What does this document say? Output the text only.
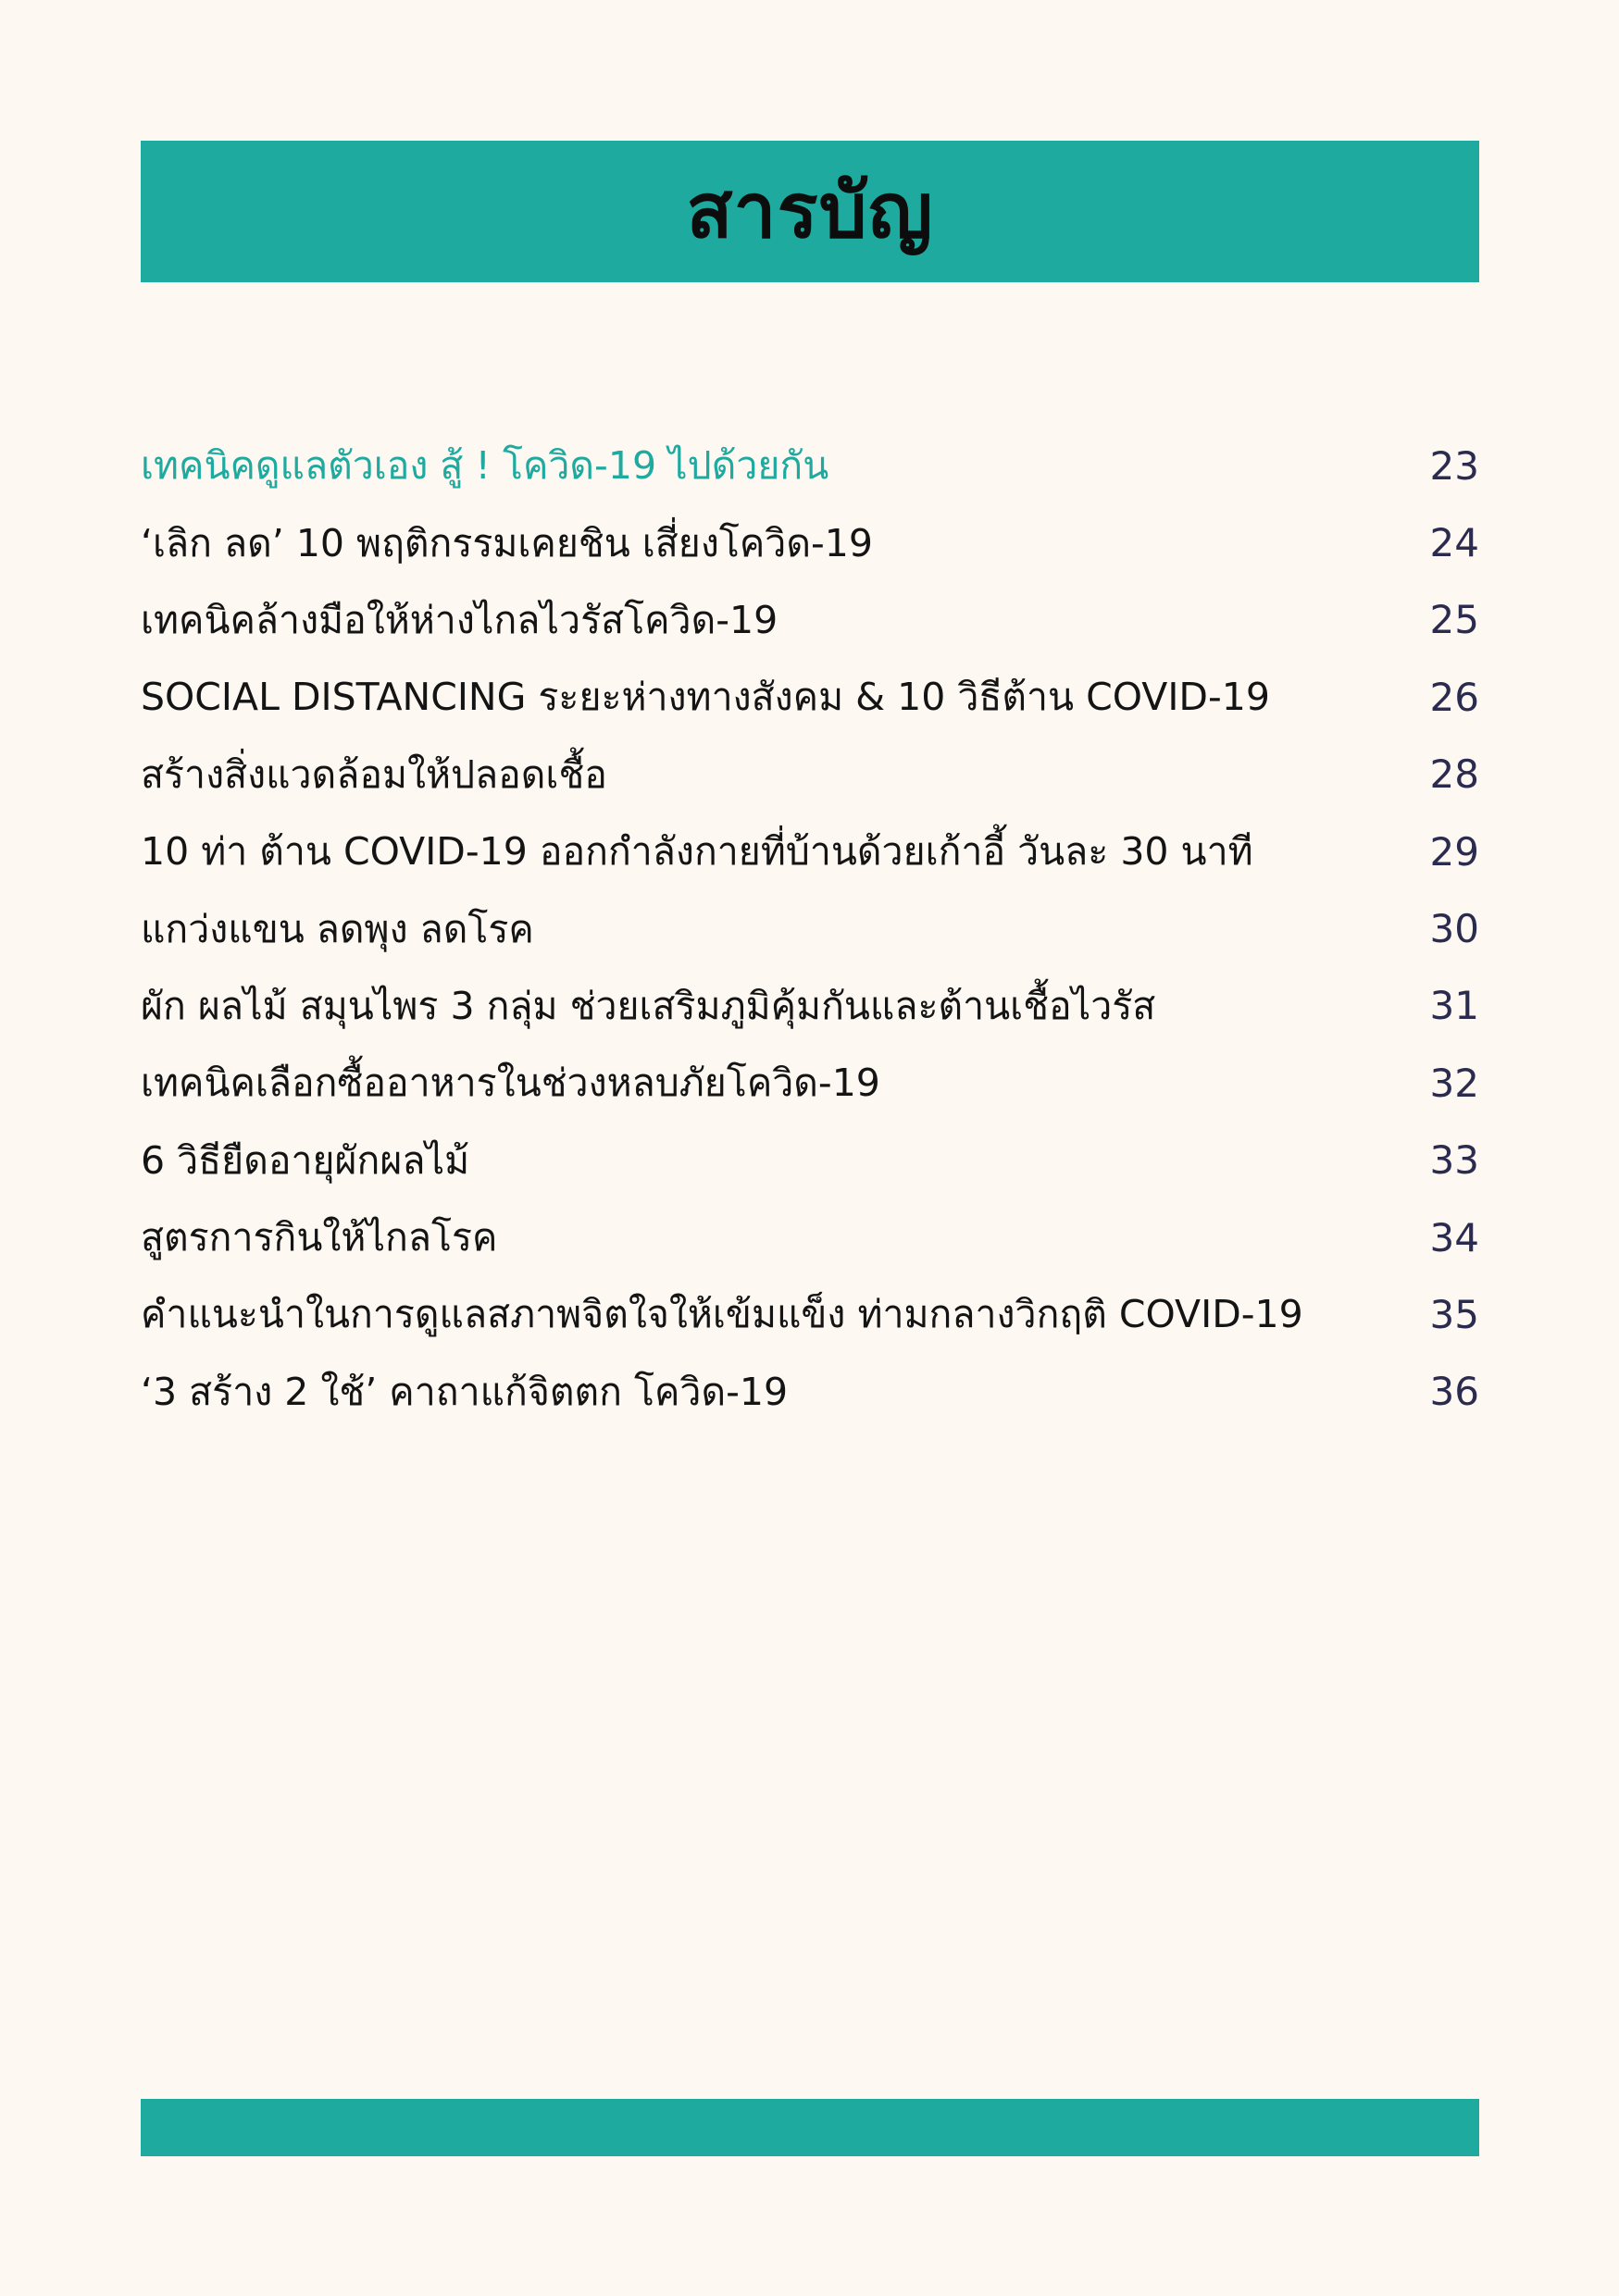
สารบัญ
เทคนิคดูแลตัวเอง สู้ ! โควิด-19 ไปด้วยกัน	23
‘เลิก ลด’ 10 พฤติกรรมเคยชิน เสี่ยงโควิด-19	24
เทคนิคล้างมือให้ห่างไกลไวรัสโควิด-19	25
SOCIAL DISTANCING ระยะห่างทางสังคม & 10 วิธีต้าน COVID-19	26
สร้างสิ่งแวดล้อมให้ปลอดเชื้อ	28
10 ท่า ต้าน COVID-19 ออกกำลังกายที่บ้านด้วยเก้าอี้ วันละ 30 นาที	29
แกว่งแขน ลดพุง ลดโรค	30
ผัก ผลไม้ สมุนไพร 3 กลุ่ม ช่วยเสริมภูมิคุ้มกันและต้านเชื้อไวรัส	31
เทคนิคเลือกซื้ออาหารในช่วงหลบภัยโควิด-19	32
6 วิธียืดอายุผักผลไม้	33
สูตรการกินให้ไกลโรค	34
คำแนะนำในการดูแลสภาพจิตใจให้เข้มแข็ง ท่ามกลางวิกฤติ COVID-19	35
‘3 สร้าง 2 ใช้’ คาถาแก้จิตตก โควิด-19	36
